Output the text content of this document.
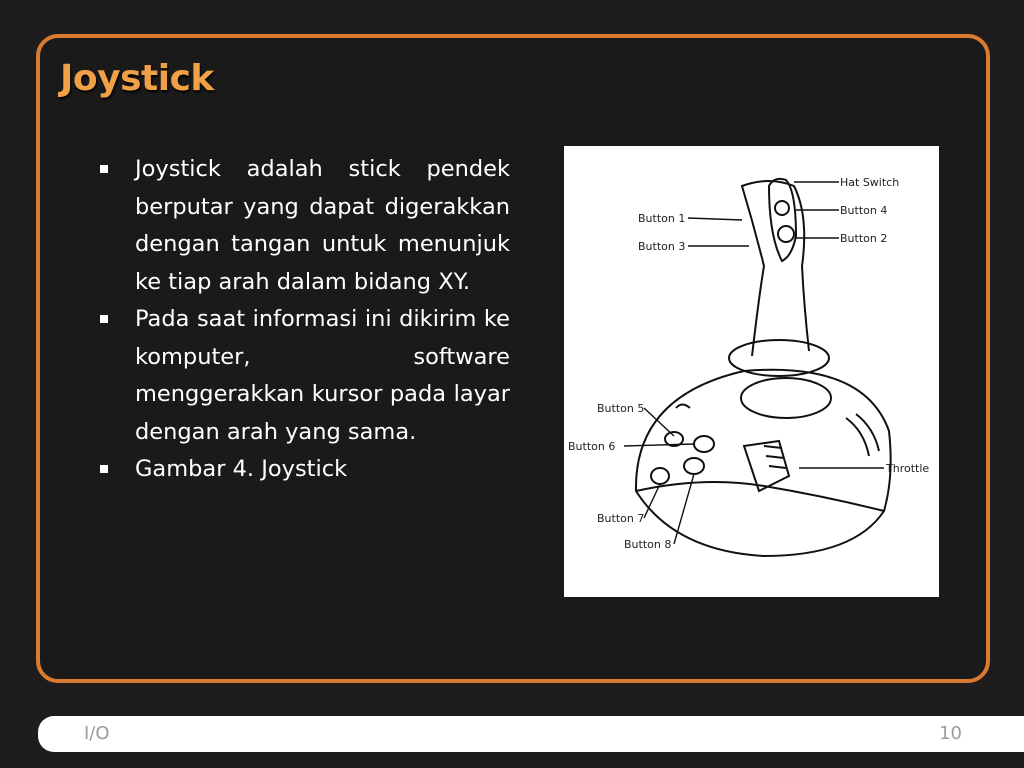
Joystick
Joystick adalah stick pendek berputar yang dapat digerakkan dengan tangan untuk menunjuk ke tiap arah dalam bidang XY.
Pada saat informasi ini dikirim ke komputer, software menggerakkan kursor pada layar dengan arah yang sama.
Gambar 4. Joystick
Hat Switch
Button 4
Button 2
Button 1
Button 3
Button 5
Button 6
Throttle
Button 7
Button 8
I/O	10
